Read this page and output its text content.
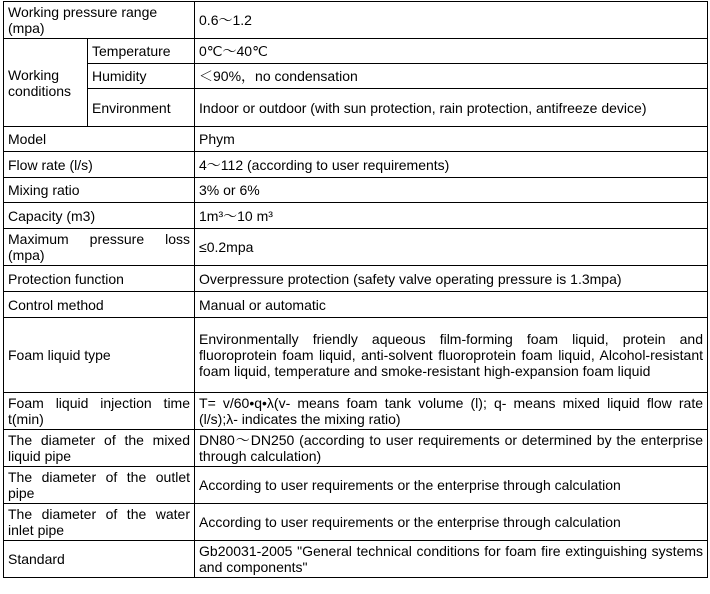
Working pressure range (mpa)		0.6～1.2
Working conditions	Temperature	0℃～40℃
	Humidity	＜90%，no condensation
	Environment	Indoor or outdoor (with sun protection, rain protection, antifreeze device)
Model		Phym
Flow rate (l/s)		4～112 (according to user requirements)
Mixing ratio		3% or 6%
Capacity (m3)		1m³～10 m³
Maximum pressure loss (mpa)		≤0.2mpa
Protection function		Overpressure protection (safety valve operating pressure is 1.3mpa)
Control method		Manual or automatic
Foam liquid type		Environmentally friendly aqueous film-forming foam liquid, protein and fluoroprotein foam liquid, anti-solvent fluoroprotein foam liquid, Alcohol-resistant foam liquid, temperature and smoke-resistant high-expansion foam liquid
Foam liquid injection time t(min)		T= v/60•q•λ(v- means foam tank volume (l); q- means mixed liquid flow rate (l/s);λ- indicates the mixing ratio)
The diameter of the mixed liquid pipe		DN80～DN250 (according to user requirements or determined by the enterprise through calculation)
The diameter of the outlet pipe		According to user requirements or the enterprise through calculation
The diameter of the water inlet pipe		According to user requirements or the enterprise through calculation
Standard		Gb20031-2005 "General technical conditions for foam fire extinguishing systems and components"
